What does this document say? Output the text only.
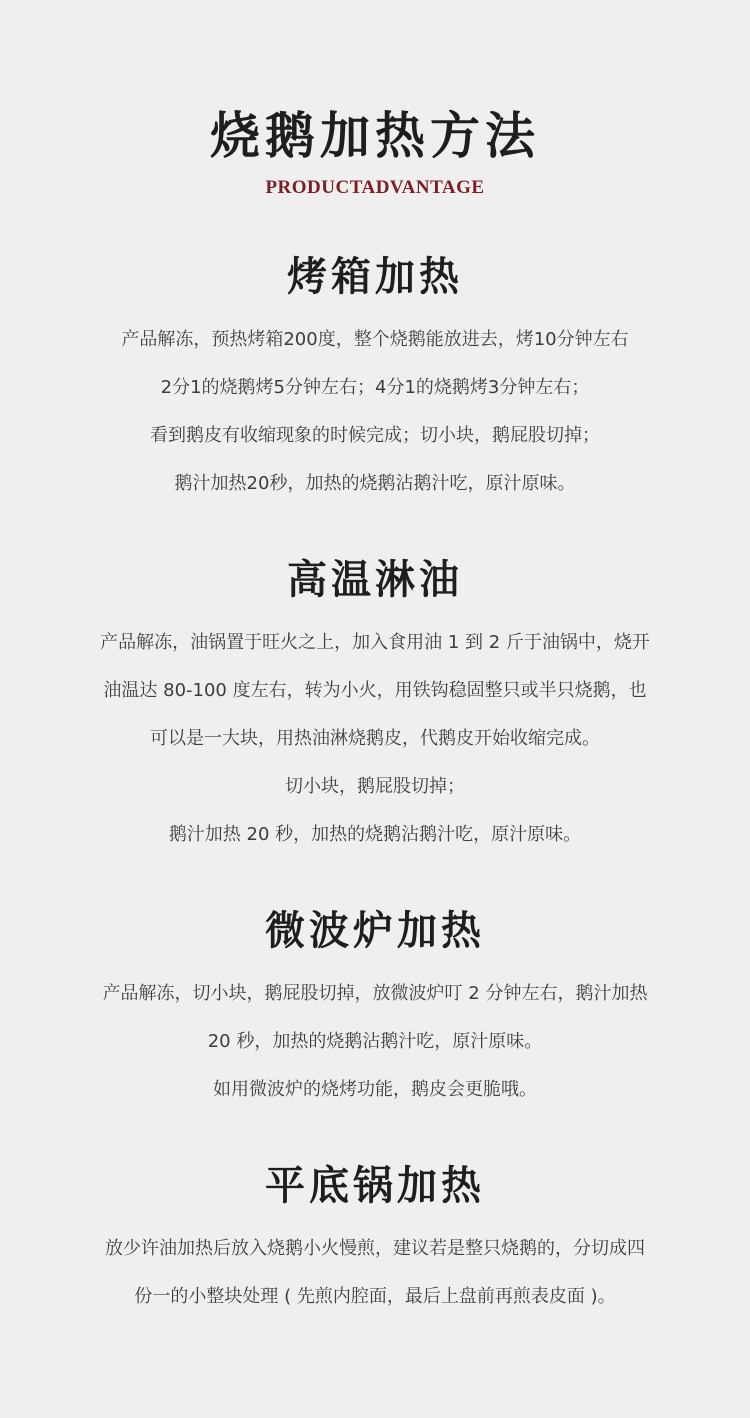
烧鹅加热方法
PRODUCTADVANTAGE
烤箱加热

产品解冻，预热烤箱200度，整个烧鹅能放进去，烤10分钟左右

2分1的烧鹅烤5分钟左右；4分1的烧鹅烤3分钟左右；

看到鹅皮有收缩现象的时候完成；切小块，鹅屁股切掉；

鹅汁加热20秒，加热的烧鹅沾鹅汁吃，原汁原味。

高温淋油

产品解冻，油锅置于旺火之上，加入食用油 1 到 2 斤于油锅中，烧开

油温达 80-100 度左右，转为小火，用铁钩稳固整只或半只烧鹅，也

可以是一大块，用热油淋烧鹅皮，代鹅皮开始收缩完成。

切小块，鹅屁股切掉；

鹅汁加热 20 秒，加热的烧鹅沾鹅汁吃，原汁原味。

微波炉加热

产品解冻，切小块，鹅屁股切掉，放微波炉叮 2 分钟左右，鹅汁加热

20 秒，加热的烧鹅沾鹅汁吃，原汁原味。

如用微波炉的烧烤功能，鹅皮会更脆哦。

平底锅加热

放少许油加热后放入烧鹅小火慢煎，建议若是整只烧鹅的，分切成四

份一的小整块处理 ( 先煎内腔面，最后上盘前再煎表皮面 )。
